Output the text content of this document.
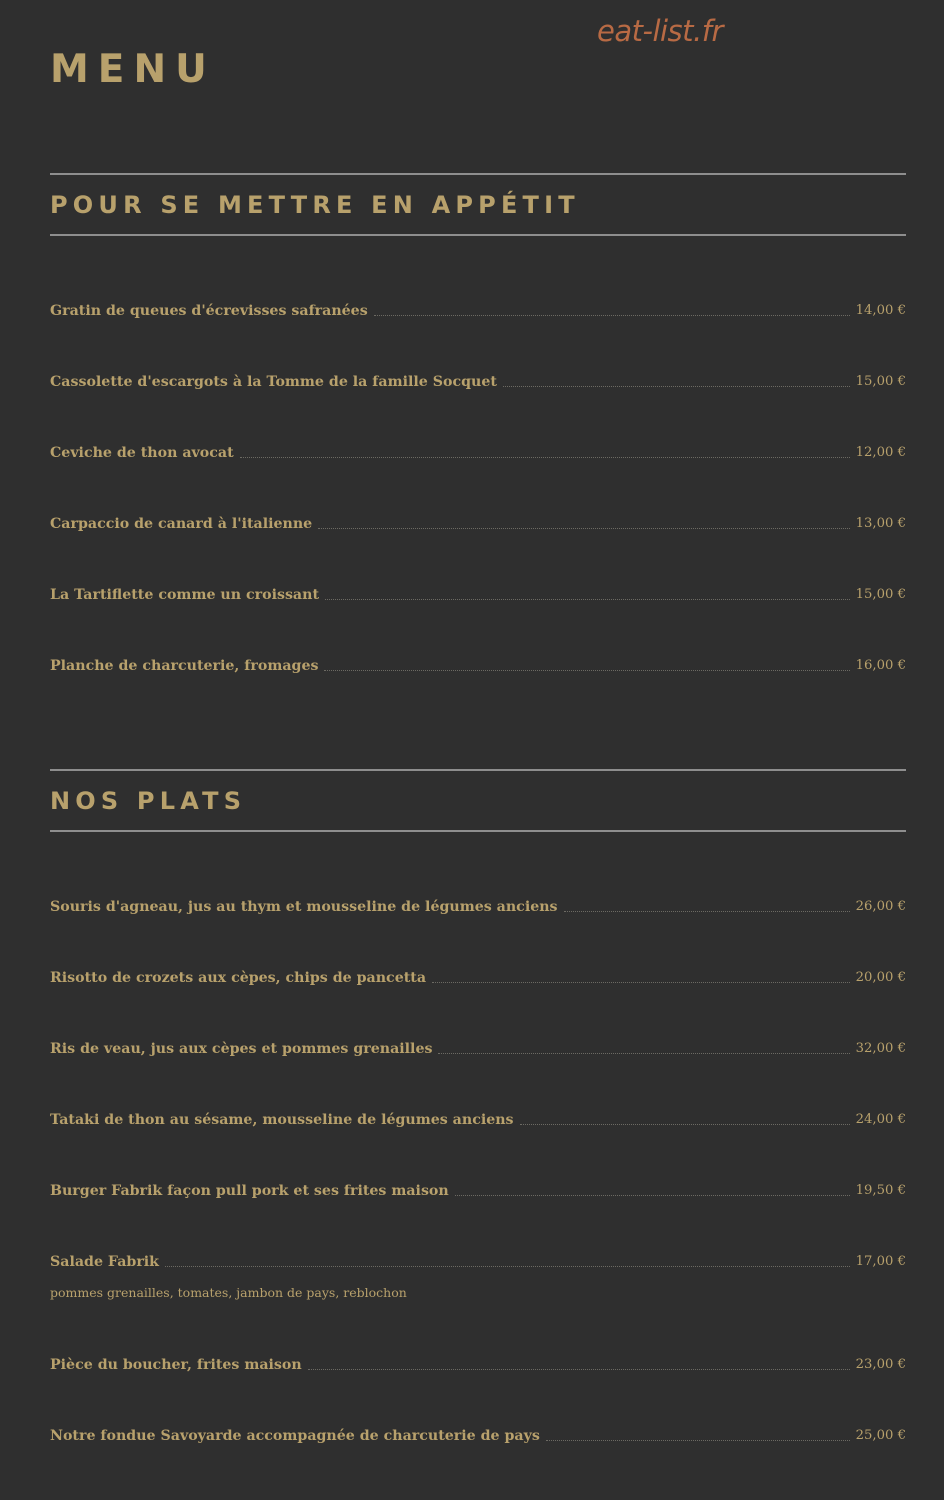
eat-list.fr
MENU
POUR SE METTRE EN APPÉTIT
Gratin de queues d'écrevisses safranées	14,00 €
Cassolette d'escargots à la Tomme de la famille Socquet	15,00 €
Ceviche de thon avocat	12,00 €
Carpaccio de canard à l'italienne	13,00 €
La Tartiflette comme un croissant	15,00 €
Planche de charcuterie, fromages	16,00 €
NOS PLATS
Souris d'agneau, jus au thym et mousseline de légumes anciens	26,00 €
Risotto de crozets aux cèpes, chips de pancetta	20,00 €
Ris de veau, jus aux cèpes et pommes grenailles	32,00 €
Tataki de thon au sésame, mousseline de légumes anciens	24,00 €
Burger Fabrik façon pull pork et ses frites maison	19,50 €
Salade Fabrik	17,00 €
pommes grenailles, tomates, jambon de pays, reblochon
Pièce du boucher, frites maison	23,00 €
Notre fondue Savoyarde accompagnée de charcuterie de pays	25,00 €
